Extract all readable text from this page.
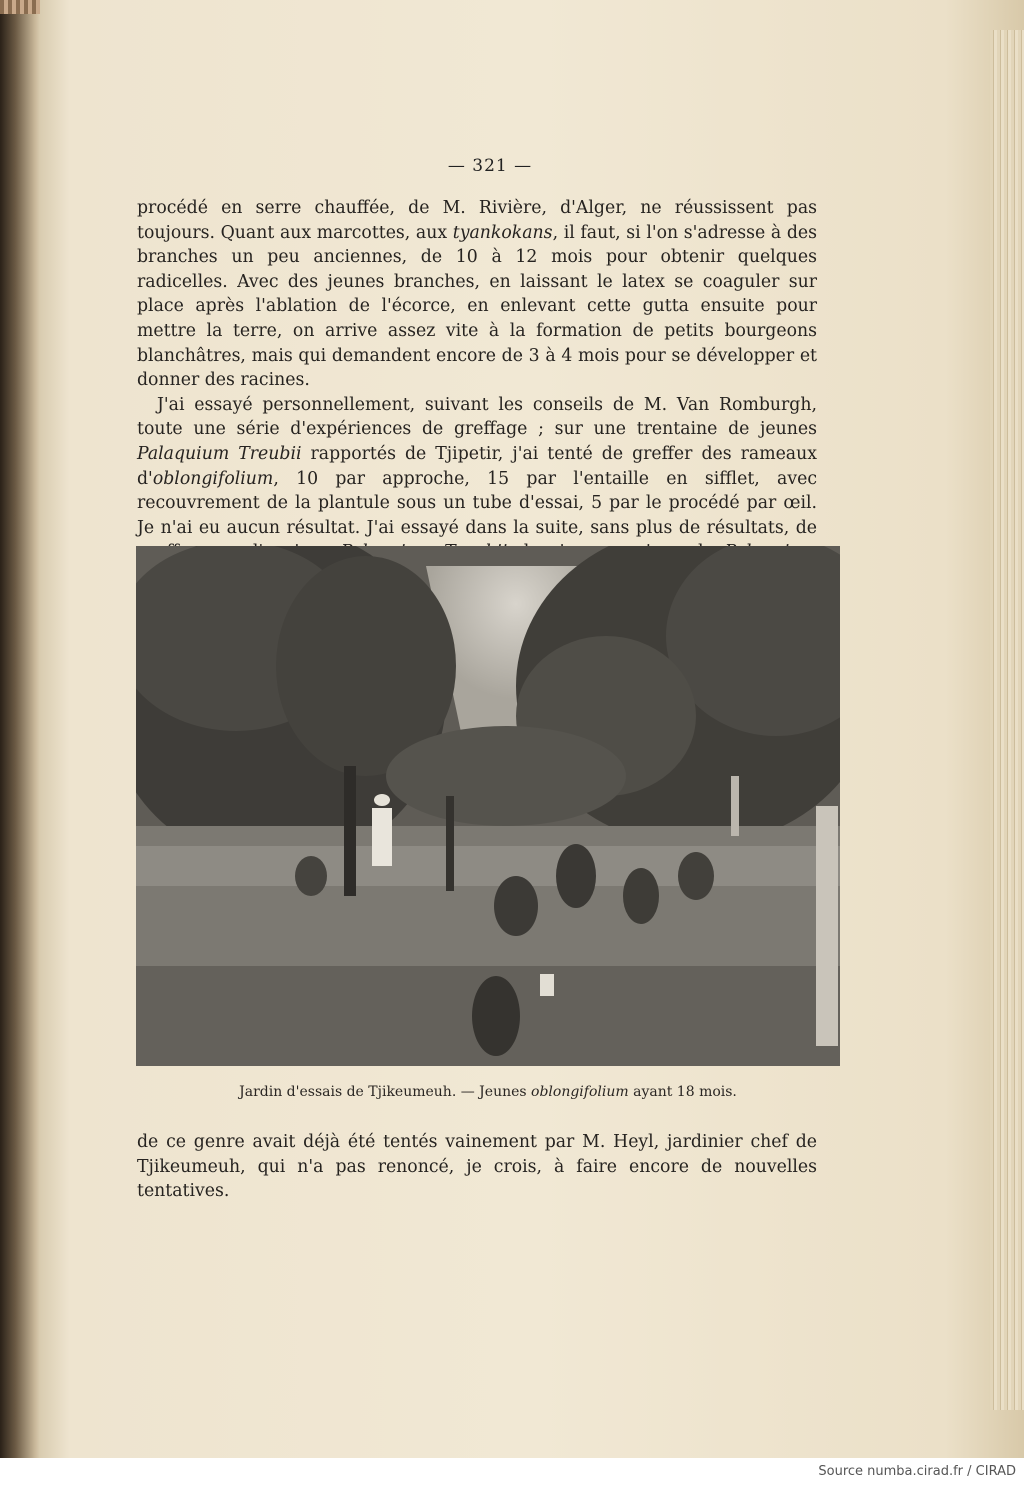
— 321 —

procédé en serre chauffée, de M. Rivière, d'Alger, ne réussissent pas toujours. Quant aux marcottes, aux tyankokans, il faut, si l'on s'adresse à des branches un peu anciennes, de 10 à 12 mois pour obtenir quelques radicelles. Avec des jeunes branches, en laissant le latex se coaguler sur place après l'ablation de l'écorce, en enlevant cette gutta ensuite pour mettre la terre, on arrive assez vite à la formation de petits bourgeons blanchâtres, mais qui demandent encore de 3 à 4 mois pour se développer et donner des racines.

J'ai essayé personnellement, suivant les conseils de M. Van Romburgh, toute une série d'expériences de greffage ; sur une trentaine de jeunes Palaquium Treubii rapportés de Tjipetir, j'ai tenté de greffer des rameaux d'oblongifolium, 10 par approche, 15 par l'entaille en sifflet, avec recouvrement de la plantule sous un tube d'essai, 5 par le procédé par œil. Je n'ai eu aucun résultat. J'ai essayé dans la suite, sans plus de résultats, de

Jardin d'essais de Tjikeumeuh. — Jeunes oblongifolium ayant 18 mois.

de ce genre avait déjà été tentés vainement par M. Heyl, jardinier chef de Tjikeumeuh, qui n'a pas renoncé, je crois, à faire encore de nouvelles tentatives.

Source numba.cirad.fr / CIRAD
